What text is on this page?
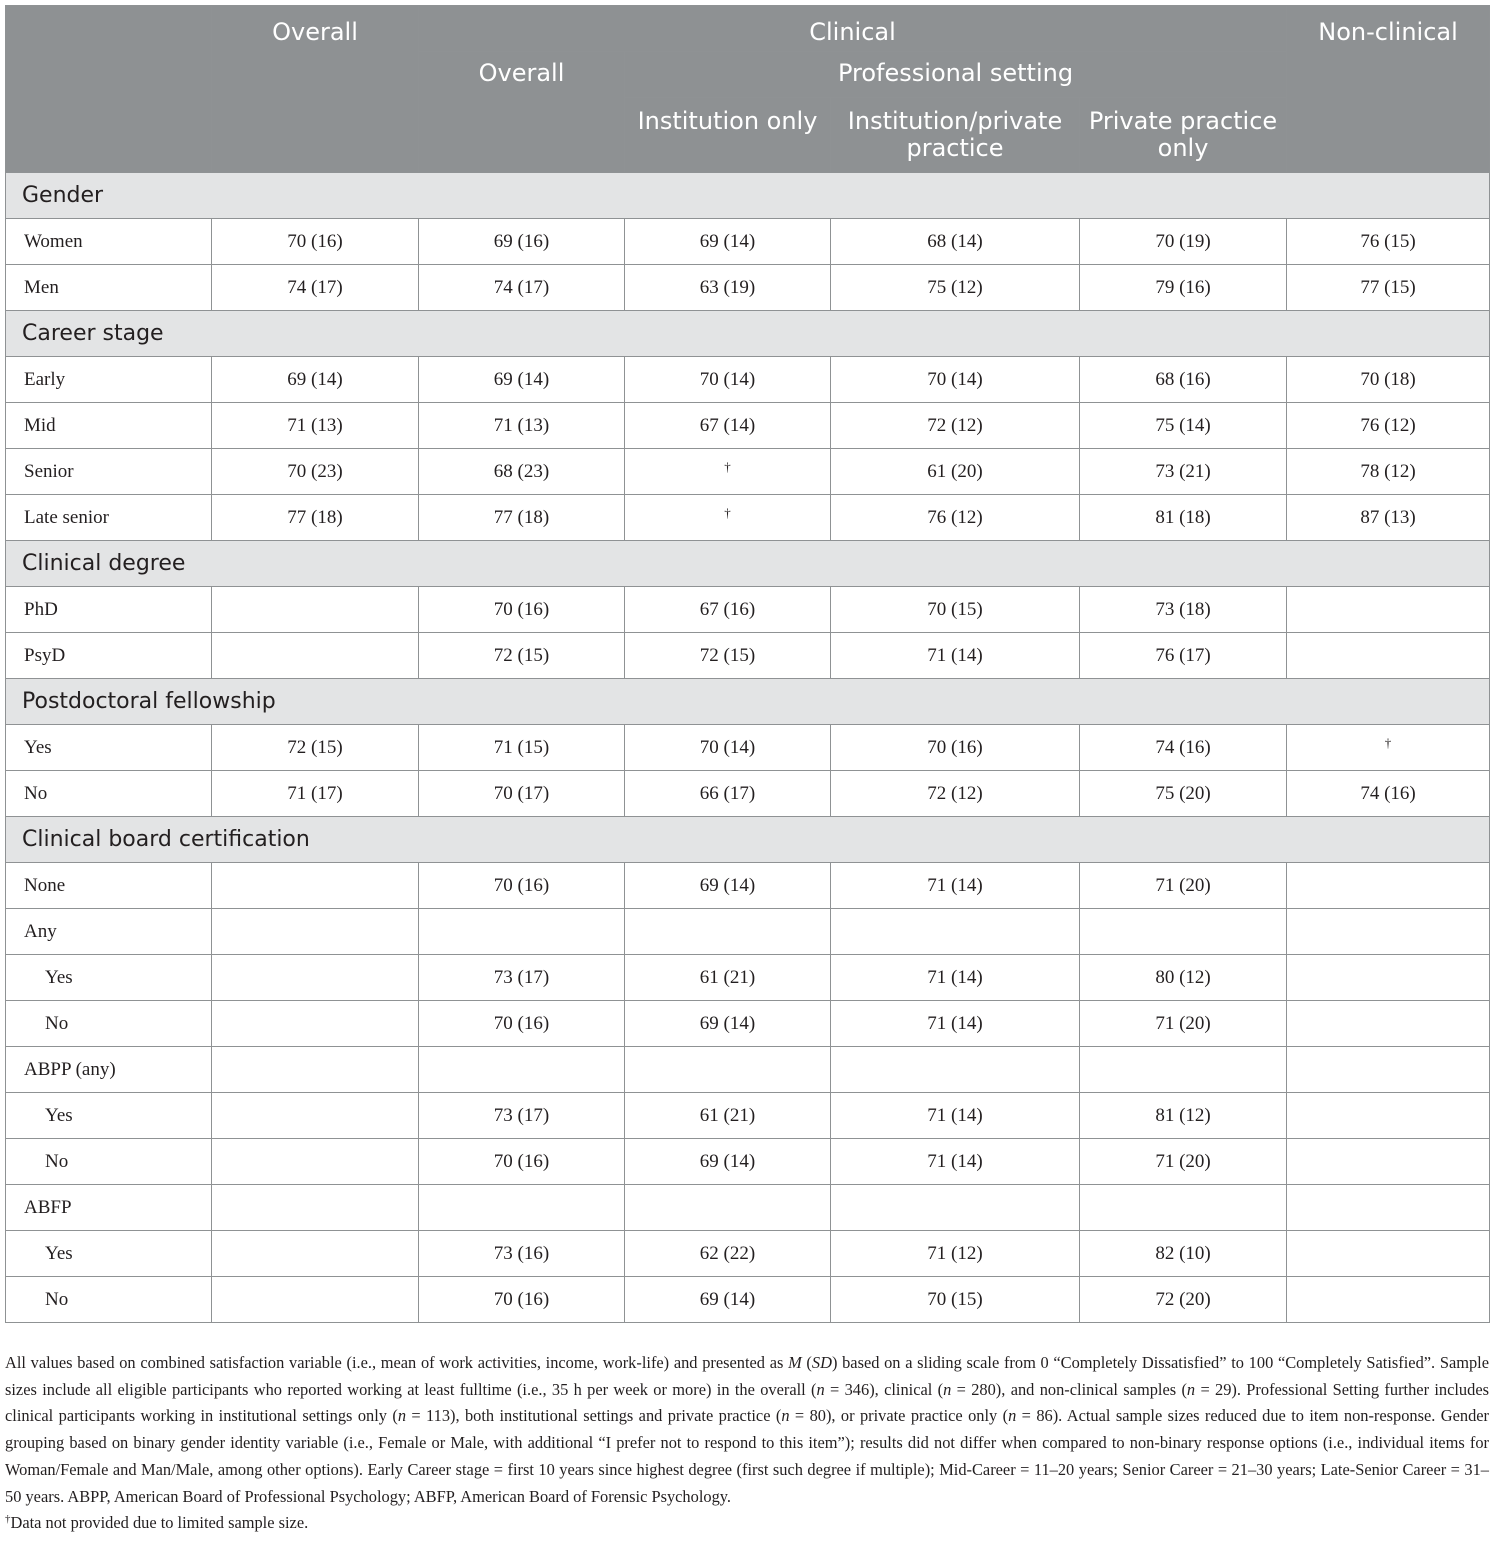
	Overall	Clinical				Non-clinical
		Overall	Professional setting			
			Institution only	Institution/private practice	Private practice only	
Gender						
Women	70 (16)	69 (16)	69 (14)	68 (14)	70 (19)	76 (15)
Men	74 (17)	74 (17)	63 (19)	75 (12)	79 (16)	77 (15)
Career stage						
Early	69 (14)	69 (14)	70 (14)	70 (14)	68 (16)	70 (18)
Mid	71 (13)	71 (13)	67 (14)	72 (12)	75 (14)	76 (12)
Senior	70 (23)	68 (23)	†	61 (20)	73 (21)	78 (12)
Late senior	77 (18)	77 (18)	†	76 (12)	81 (18)	87 (13)
Clinical degree						
PhD		70 (16)	67 (16)	70 (15)	73 (18)	
PsyD		72 (15)	72 (15)	71 (14)	76 (17)	
Postdoctoral fellowship						
Yes	72 (15)	71 (15)	70 (14)	70 (16)	74 (16)	†
No	71 (17)	70 (17)	66 (17)	72 (12)	75 (20)	74 (16)
Clinical board certification						
None		70 (16)	69 (14)	71 (14)	71 (20)	
Any						
Yes		73 (17)	61 (21)	71 (14)	80 (12)	
No		70 (16)	69 (14)	71 (14)	71 (20)	
ABPP (any)						
Yes		73 (17)	61 (21)	71 (14)	81 (12)	
No		70 (16)	69 (14)	71 (14)	71 (20)	
ABFP						
Yes		73 (16)	62 (22)	71 (12)	82 (10)	
No		70 (16)	69 (14)	70 (15)	72 (20)	

All values based on combined satisfaction variable (i.e., mean of work activities, income, work-life) and presented as M (SD) based on a sliding scale from 0 “Completely Dissatisfied” to 100 “Completely Satisfied”. Sample sizes include all eligible participants who reported working at least fulltime (i.e., 35 h per week or more) in the overall (n = 346), clinical (n = 280), and non-clinical samples (n = 29). Professional Setting further includes clinical participants working in institutional settings only (n = 113), both institutional settings and private practice (n = 80), or private practice only (n = 86). Actual sample sizes reduced due to item non-response. Gender grouping based on binary gender identity variable (i.e., Female or Male, with additional “I prefer not to respond to this item”); results did not differ when compared to non-binary response options (i.e., individual items for Woman/Female and Man/Male, among other options). Early Career stage = first 10 years since highest degree (first such degree if multiple); Mid-Career = 11–20 years; Senior Career = 21–30 years; Late-Senior Career = 31–50 years. ABPP, American Board of Professional Psychology; ABFP, American Board of Forensic Psychology.

†Data not provided due to limited sample size.
